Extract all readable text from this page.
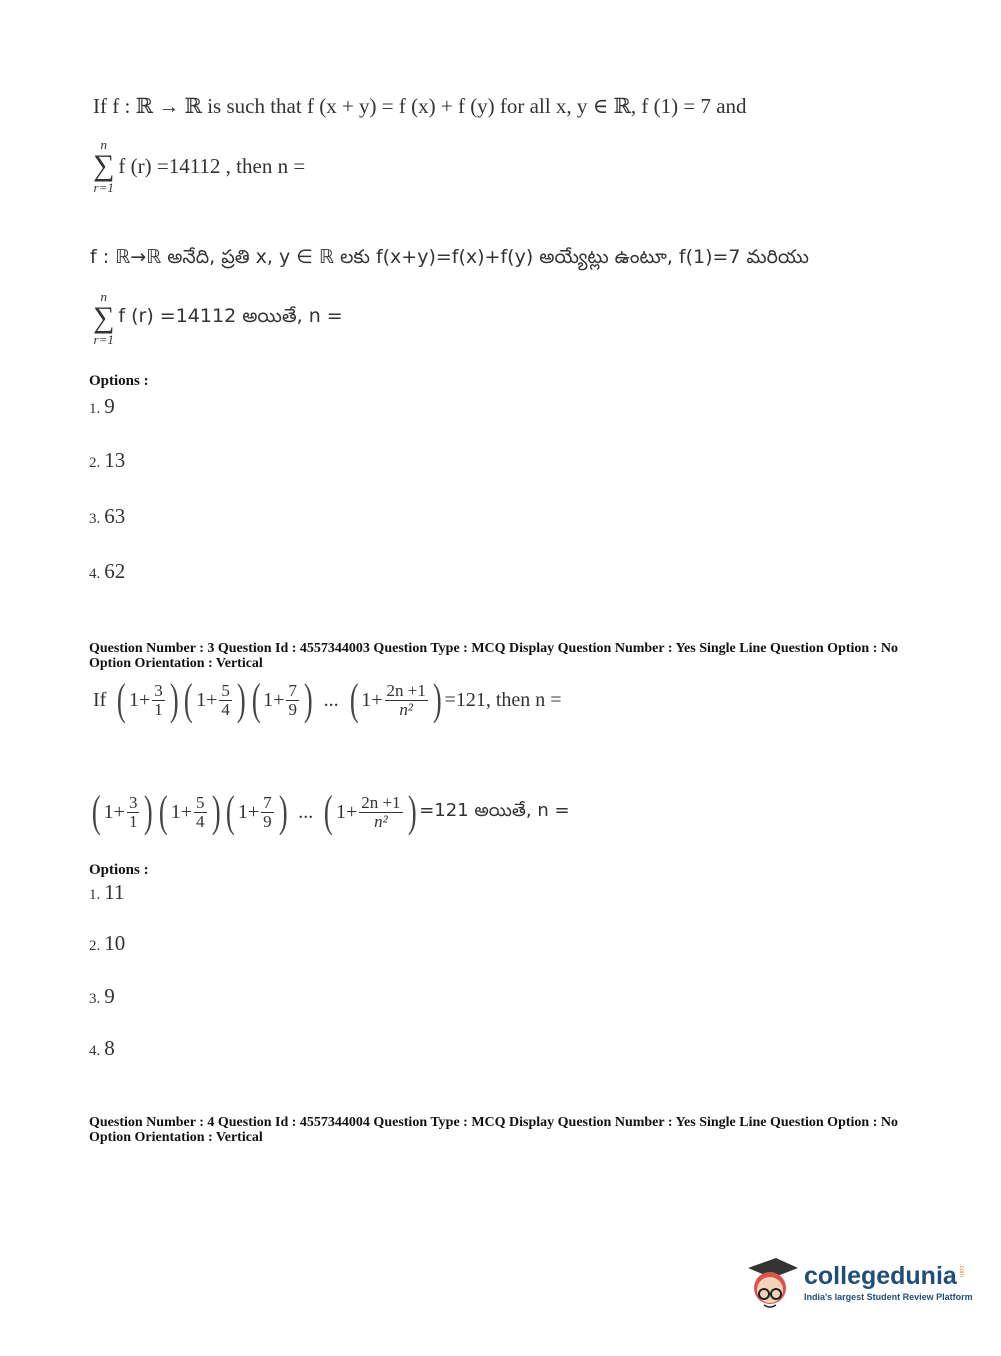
If f : ℝ → ℝ is such that f (x + y) = f (x) + f (y) for all x, y ∈ ℝ, f (1) = 7 and
n
∑
r=1
f (r) =14112 , then n =
f : ℝ→ℝ అనేది, ప్రతి x, y ∈ ℝ లకు f(x+y)=f(x)+f(y) అయ్యేట్లు ఉంటూ, f(1)=7 మరియు
n
∑
r=1
f (r) =14112 అయితే, n =
Options :
1. 9
2. 13
3. 63
4. 62
Question Number : 3 Question Id : 4557344003 Question Type : MCQ Display Question Number : Yes Single Line Question Option : No Option Orientation : Vertical
If ( $1+ \frac{3}{1}$ ) ( $1+ \frac{5}{4}$ ) ( $1+ \frac{7}{9}$ ) ... ( $1+ \frac{2n +1}{\text{n²}}$ ) =121, then n =
( $1+ \frac{3}{1}$ ) ( $1+ \frac{5}{4}$ ) ( $1+ \frac{7}{9}$ ) ... ( $1+ \frac{2n +1}{\text{n²}}$ ) =121 అయితే, n =
Options :
1. 11
2. 10
3. 9
4. 8
Question Number : 4 Question Id : 4557344004 Question Type : MCQ Display Question Number : Yes Single Line Question Option : No Option Orientation : Vertical
collegedunia .com
India's largest Student Review Platform
